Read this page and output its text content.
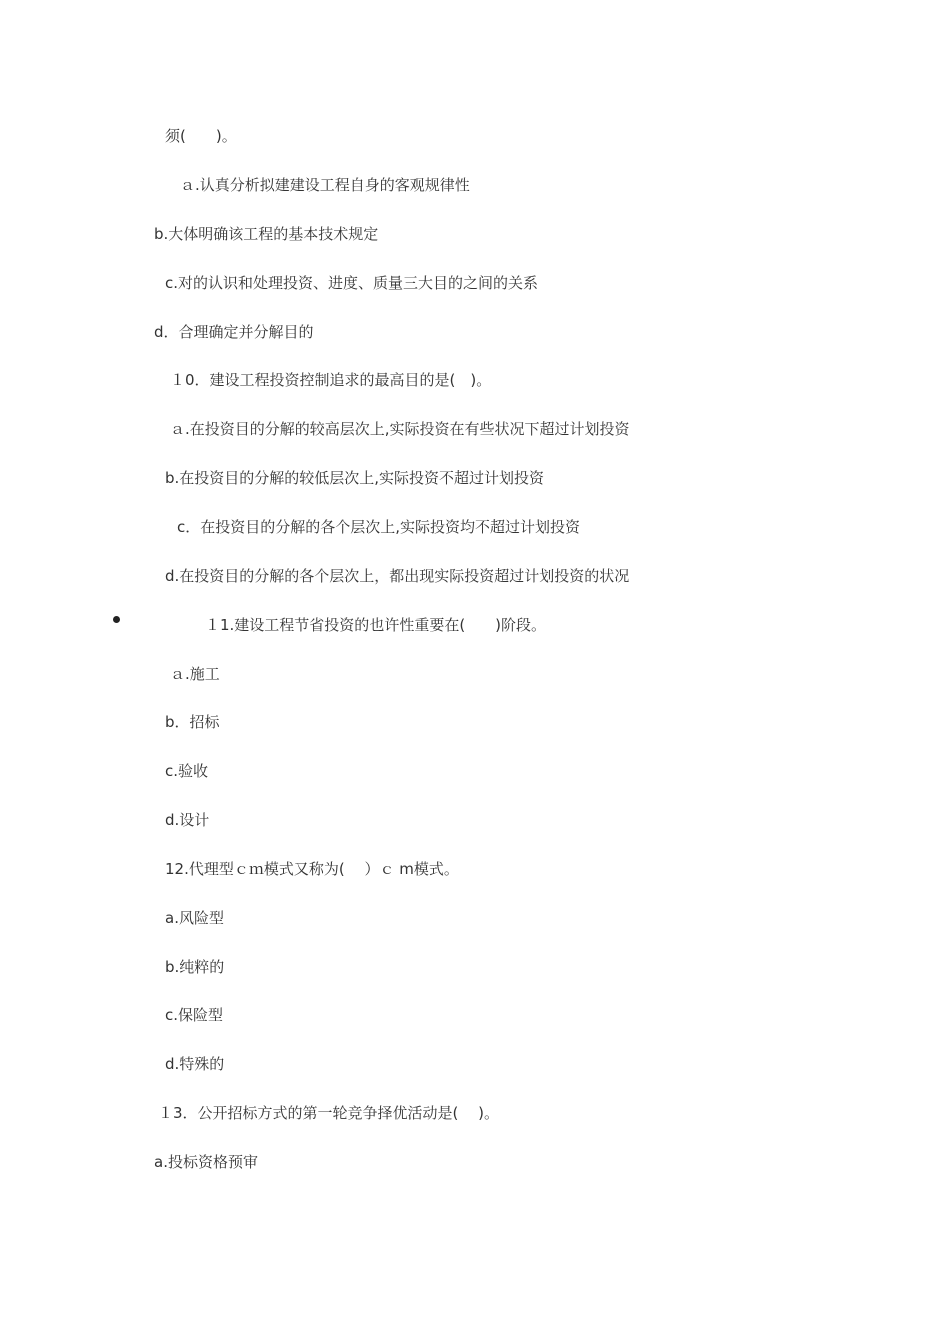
须(　　)。
ａ.认真分析拟建建设工程自身的客观规律性
b.大体明确该工程的基本技术规定
c.对的认识和处理投资、进度、质量三大目的之间的关系
d．合理确定并分解目的
１0．建设工程投资控制追求的最高目的是(　)。
ａ.在投资目的分解的较高层次上,实际投资在有些状况下超过计划投资
b.在投资目的分解的较低层次上,实际投资不超过计划投资
c．在投资目的分解的各个层次上,实际投资均不超过计划投资
d.在投资目的分解的各个层次上，都出现实际投资超过计划投资的状况
１1.建设工程节省投资的也许性重要在(　　)阶段。
ａ.施工
b．招标
c.验收
d.设计
12.代理型ｃｍ模式又称为(　 ）ｃ m模式。
a.风险型
b.纯粹的
c.保险型
d.特殊的
１3．公开招标方式的第一轮竞争择优活动是(　 )。
a.投标资格预审
